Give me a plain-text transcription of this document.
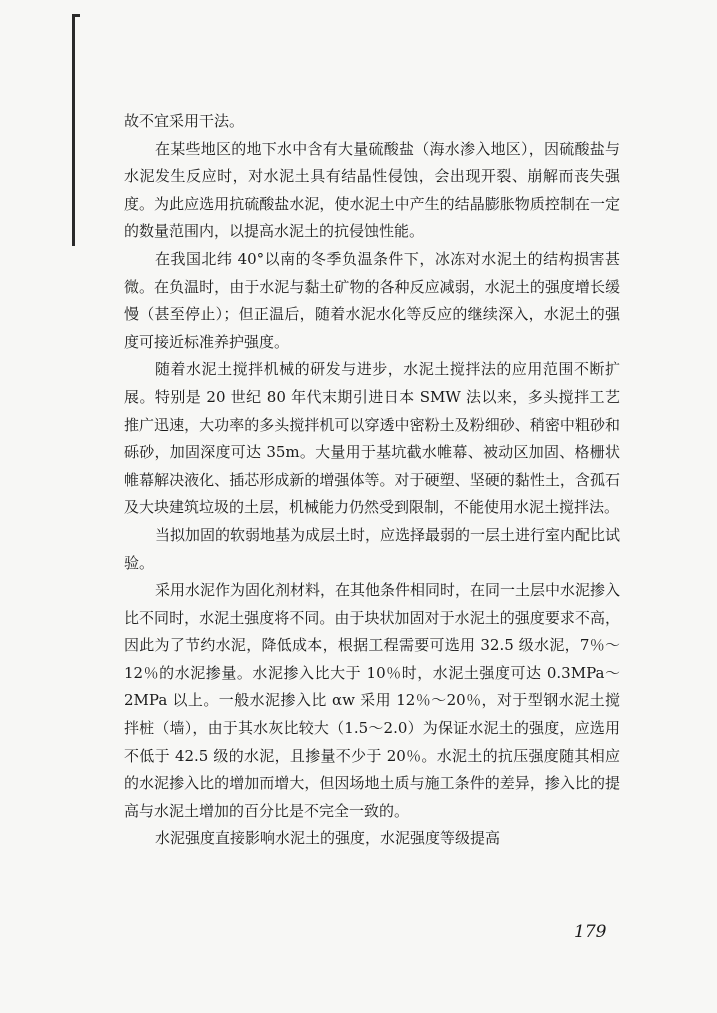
故不宜采用干法。

在某些地区的地下水中含有大量硫酸盐（海水渗入地区），因硫酸盐与水泥发生反应时，对水泥土具有结晶性侵蚀，会出现开裂、崩解而丧失强度。为此应选用抗硫酸盐水泥，使水泥土中产生的结晶膨胀物质控制在一定的数量范围内，以提高水泥土的抗侵蚀性能。

在我国北纬 40°以南的冬季负温条件下，冰冻对水泥土的结构损害甚微。在负温时，由于水泥与黏土矿物的各种反应减弱，水泥土的强度增长缓慢（甚至停止）；但正温后，随着水泥水化等反应的继续深入，水泥土的强度可接近标准养护强度。

随着水泥土搅拌机械的研发与进步，水泥土搅拌法的应用范围不断扩展。特别是 20 世纪 80 年代末期引进日本 SMW 法以来，多头搅拌工艺推广迅速，大功率的多头搅拌机可以穿透中密粉土及粉细砂、稍密中粗砂和砾砂，加固深度可达 35m。大量用于基坑截水帷幕、被动区加固、格栅状帷幕解决液化、插芯形成新的增强体等。对于硬塑、坚硬的黏性土，含孤石及大块建筑垃圾的土层，机械能力仍然受到限制，不能使用水泥土搅拌法。

当拟加固的软弱地基为成层土时，应选择最弱的一层土进行室内配比试验。

采用水泥作为固化剂材料，在其他条件相同时，在同一土层中水泥掺入比不同时，水泥土强度将不同。由于块状加固对于水泥土的强度要求不高，因此为了节约水泥，降低成本，根据工程需要可选用 32.5 级水泥，7％～12％的水泥掺量。水泥掺入比大于 10％时，水泥土强度可达 0.3MPa～2MPa 以上。一般水泥掺入比 αw 采用 12％～20％，对于型钢水泥土搅拌桩（墙），由于其水灰比较大（1.5～2.0）为保证水泥土的强度，应选用不低于 42.5 级的水泥，且掺量不少于 20％。水泥土的抗压强度随其相应的水泥掺入比的增加而增大，但因场地土质与施工条件的差异，掺入比的提高与水泥土增加的百分比是不完全一致的。

水泥强度直接影响水泥土的强度，水泥强度等级提高

179
